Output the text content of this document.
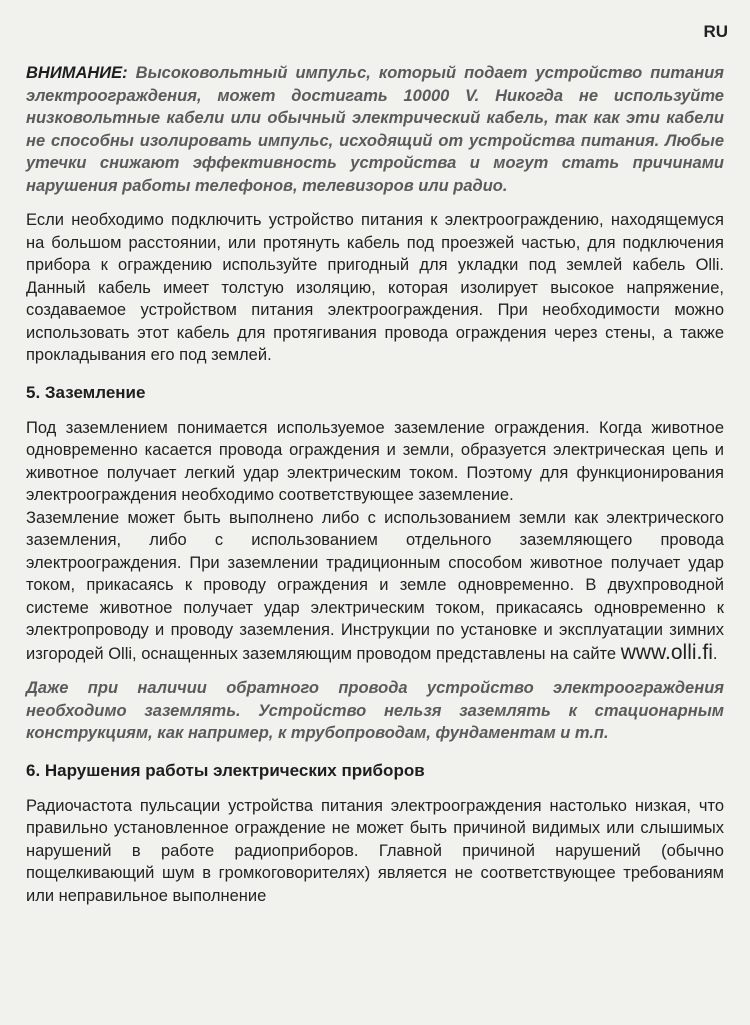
RU

ВНИМАНИЕ: Высоковольтный импульс, который подает устройство питания электроограждения, может достигать 10000 V. Никогда не используйте низковольтные кабели или обычный электрический кабель, так как эти кабели не способны изолировать импульс, исходящий от устройства питания. Любые утечки снижают эффективность устройства и могут стать причинами нарушения работы телефонов, телевизоров или радио.

Если необходимо подключить устройство питания к электроограждению, находящемуся на большом расстоянии, или протянуть кабель под проезжей частью, для подключения прибора к ограждению используйте пригодный для укладки под землей кабель Olli. Данный кабель имеет толстую изоляцию, которая изолирует высокое напряжение, создаваемое устройством питания электроограждения. При необходимости можно использовать этот кабель для протягивания провода ограждения через стены, а также прокладывания его под землей.

5. Заземление

Под заземлением понимается используемое заземление ограждения. Когда животное одновременно касается провода ограждения и земли, образуется электрическая цепь и животное получает легкий удар электрическим током. Поэтому для функционирования электроограждения необходимо соответствующее заземление.

Заземление может быть выполнено либо с использованием земли как электрического заземления, либо с использованием отдельного заземляющего провода электроограждения. При заземлении традиционным способом животное получает удар током, прикасаясь к проводу ограждения и земле одновременно. В двухпроводной системе животное получает удар электрическим током, прикасаясь одновременно к электропроводу и проводу заземления. Инструкции по установке и эксплуатации зимних изгородей Olli, оснащенных заземляющим проводом представлены на сайте www.olli.fi.

Даже при наличии обратного провода устройство электроограждения необходимо заземлять. Устройство нельзя заземлять к стационарным конструкциям, как например, к трубопроводам, фундаментам и т.п.

6. Нарушения работы электрических приборов

Радиочастота пульсации устройства питания электроограждения настолько низкая, что правильно установленное ограждение не может быть причиной видимых или слышимых нарушений в работе радиоприборов. Главной причиной нарушений (обычно пощелкивающий шум в громкоговорителях) является не соответствующее требованиям или неправильное выполнение
